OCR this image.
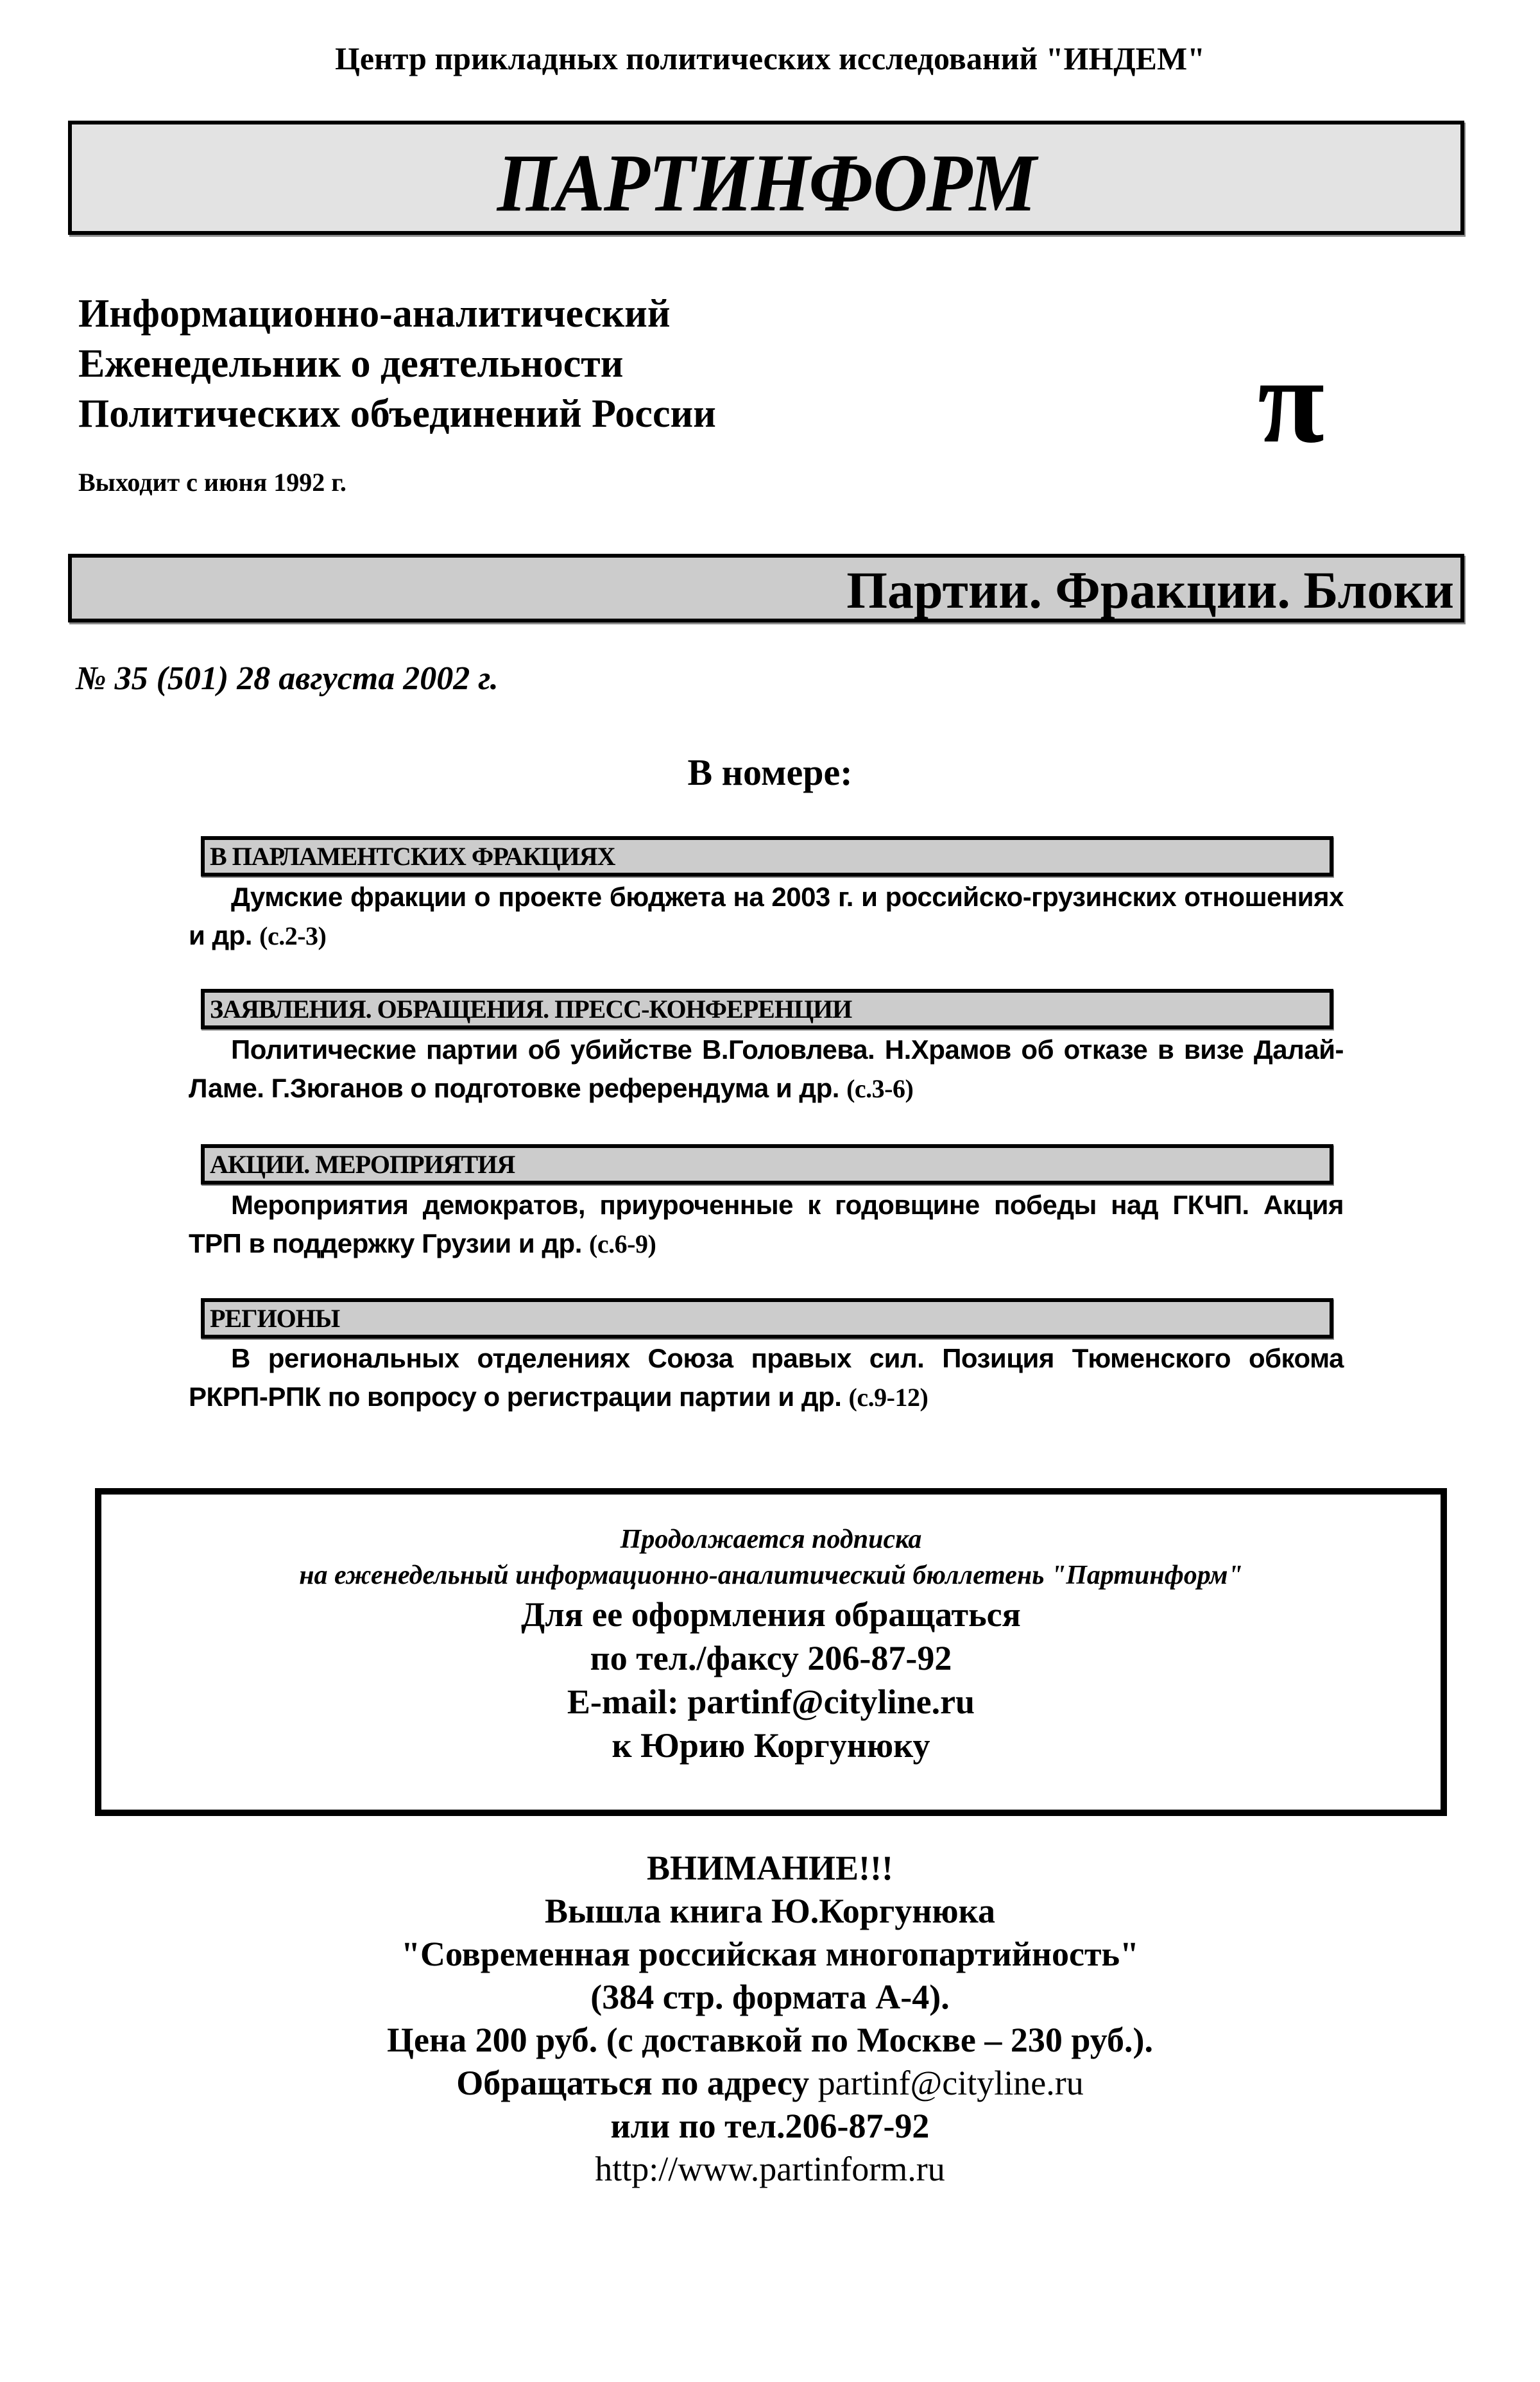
Центр прикладных политических исследований "ИНДЕМ"
ПАРТИНФОРМ
Информационно-аналитический
Еженедельник о деятельности
Политических объединений России	π
Выходит с июня 1992 г.
Партии. Фракции. Блоки
№ 35 (501) 28 августа 2002 г.
В номере:
В ПАРЛАМЕНТСКИХ ФРАКЦИЯХ
Думские фракции о проекте бюджета на 2003 г. и российско-грузинских отношениях и др. (с.2-3)
ЗАЯВЛЕНИЯ. ОБРАЩЕНИЯ. ПРЕСС-КОНФЕРЕНЦИИ
Политические партии об убийстве В.Головлева. Н.Храмов об отказе в визе Далай-Ламе. Г.Зюганов о подготовке референдума и др. (с.3-6)
АКЦИИ. МЕРОПРИЯТИЯ
Мероприятия демократов, приуроченные к годовщине победы над ГКЧП. Акция ТРП в поддержку Грузии и др. (с.6-9)
РЕГИОНЫ
В региональных отделениях Союза правых сил. Позиция Тюменского обкома РКРП-РПК по вопросу о регистрации партии и др. (с.9-12)
Продолжается подписка
на еженедельный информационно-аналитический бюллетень "Партинформ"
Для ее оформления обращаться
по тел./факсу 206-87-92
E-mail: partinf@cityline.ru
к Юрию Коргунюку
ВНИМАНИЕ!!!
Вышла книга Ю.Коргунюка
"Современная российская многопартийность"
(384 стр. формата А-4).
Цена 200 руб. (с доставкой по Москве – 230 руб.).
Обращаться по адресу partinf@cityline.ru
или по тел.206-87-92
http://www.partinform.ru
